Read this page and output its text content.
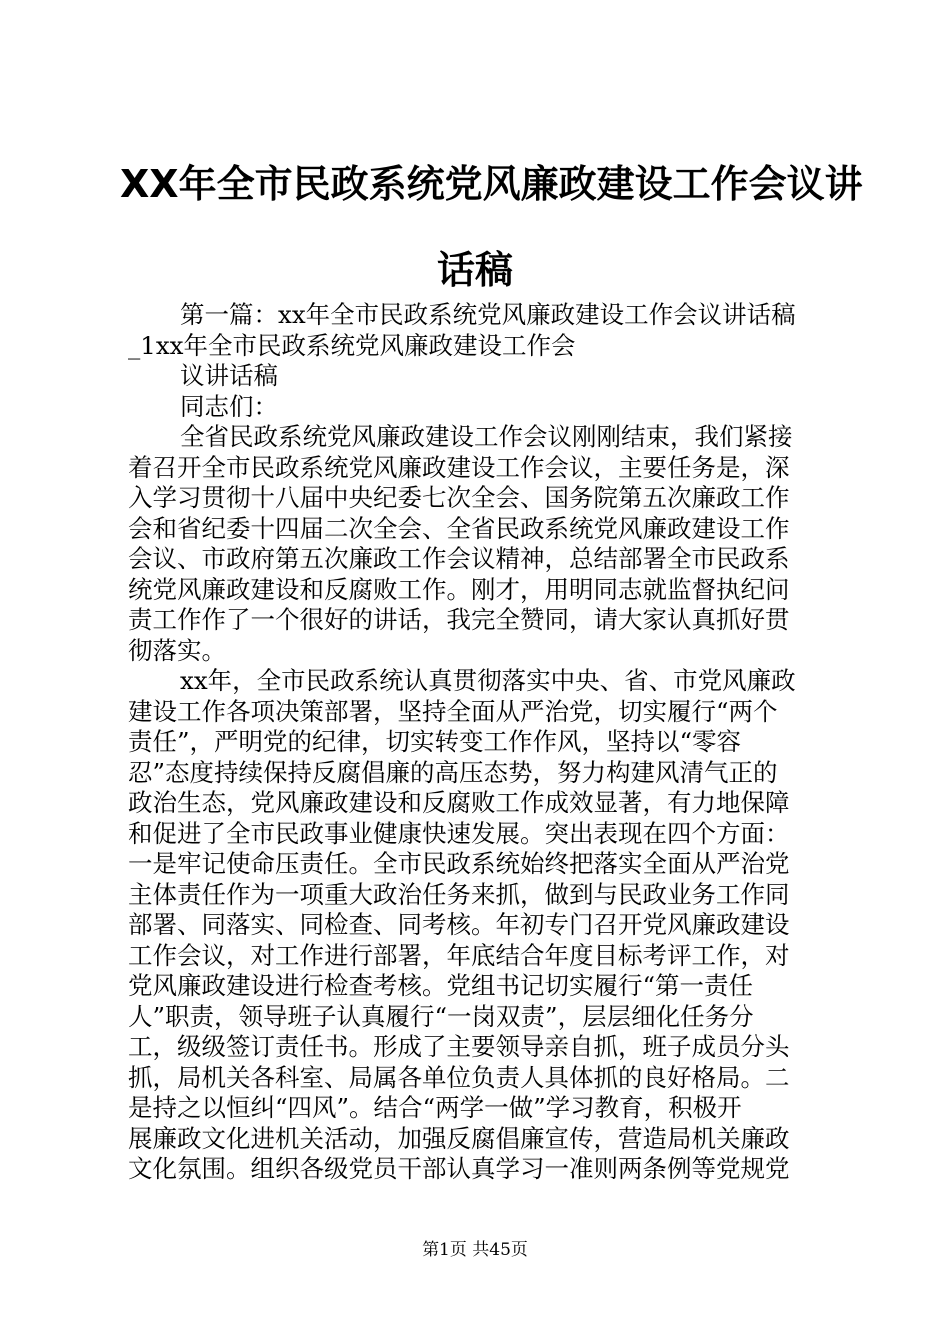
XX年全市民政系统党风廉政建设工作会议讲
话稿
第一篇：xx年全市民政系统党风廉政建设工作会议讲话稿
_1xx年全市民政系统党风廉政建设工作会
议讲话稿
同志们：
全省民政系统党风廉政建设工作会议刚刚结束，我们紧接
着召开全市民政系统党风廉政建设工作会议，主要任务是，深
入学习贯彻十八届中央纪委七次全会、国务院第五次廉政工作
会和省纪委十四届二次全会、全省民政系统党风廉政建设工作
会议、市政府第五次廉政工作会议精神，总结部署全市民政系
统党风廉政建设和反腐败工作。刚才，用明同志就监督执纪问
责工作作了一个很好的讲话，我完全赞同，请大家认真抓好贯
彻落实。
xx年，全市民政系统认真贯彻落实中央、省、市党风廉政
建设工作各项决策部署，坚持全面从严治党，切实履行“两个
责任”，严明党的纪律，切实转变工作作风，坚持以“零容
忍”态度持续保持反腐倡廉的高压态势，努力构建风清气正的
政治生态，党风廉政建设和反腐败工作成效显著，有力地保障
和促进了全市民政事业健康快速发展。突出表现在四个方面：
一是牢记使命压责任。全市民政系统始终把落实全面从严治党
主体责任作为一项重大政治任务来抓，做到与民政业务工作同
部署、同落实、同检查、同考核。年初专门召开党风廉政建设
工作会议，对工作进行部署，年底结合年度目标考评工作，对
党风廉政建设进行检查考核。党组书记切实履行“第一责任
人”职责，领导班子认真履行“一岗双责”，层层细化任务分
工，级级签订责任书。形成了主要领导亲自抓，班子成员分头
抓，局机关各科室、局属各单位负责人具体抓的良好格局。二
是持之以恒纠“四风”。结合“两学一做”学习教育，积极开
展廉政文化进机关活动，加强反腐倡廉宣传，营造局机关廉政
文化氛围。组织各级党员干部认真学习一准则两条例等党规党
第1页 共45页
